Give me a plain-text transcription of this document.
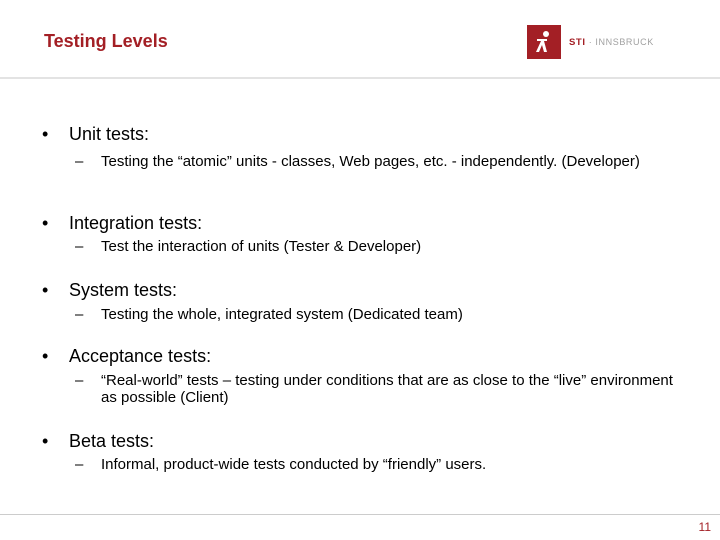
Testing Levels	STI · INNSBRUCK
• Unit tests:
– Testing the “atomic” units - classes, Web pages, etc. - independently. (Developer)
• Integration tests:
– Test the interaction of units (Tester & Developer)
• System tests:
– Testing the whole, integrated system (Dedicated team)
• Acceptance tests:
– “Real-world” tests – testing under conditions that are as close to the “live” environment as possible (Client)
• Beta tests:
– Informal, product-wide tests conducted by “friendly” users.
11
